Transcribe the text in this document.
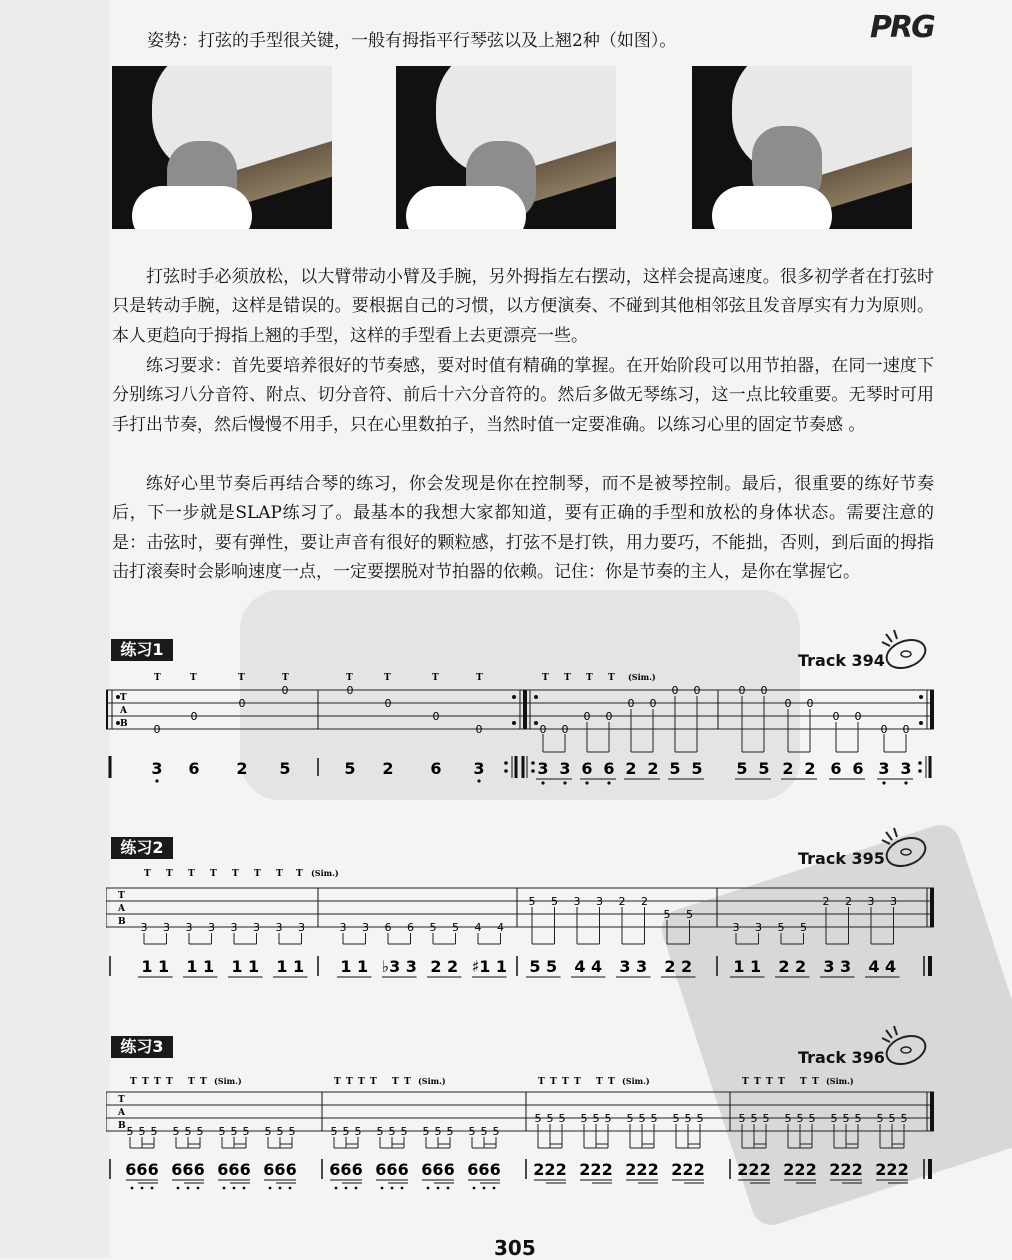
PRG
姿势：打弦的手型很关键，一般有拇指平行琴弦以及上翘2种（如图）。
打弦时手必须放松，以大臂带动小臂及手腕，另外拇指左右摆动，这样会提高速度。很多初学者在打弦时只是转动手腕，这样是错误的。要根据自己的习惯，以方便演奏、不碰到其他相邻弦且发音厚实有力为原则。本人更趋向于拇指上翘的手型，这样的手型看上去更漂亮一些。
练习要求：首先要培养很好的节奏感，要对时值有精确的掌握。在开始阶段可以用节拍器，在同一速度下分别练习八分音符、附点、切分音符、前后十六分音符的。然后多做无琴练习，这一点比较重要。无琴时可用手打出节奏，然后慢慢不用手，只在心里数拍子，当然时值一定要准确。以练习心里的固定节奏感 。
练好心里节奏后再结合琴的练习，你会发现是你在控制琴，而不是被琴控制。最后，很重要的练好节奏后，下一步就是SLAP练习了。最基本的我想大家都知道，要有正确的手型和放松的身体状态。需要注意的是：击弦时，要有弹性，要让声音有很好的颗粒感，打弦不是打铁，用力要巧，不能拙，否则，到后面的拇指击打滚奏时会影响速度一点，一定要摆脱对节拍器的依赖。记住：你是节奏的主人，是你在掌握它。
练习1
Track 394
T	T	T	T	T	T	T	T	T T T T (Sim.)
T
A
B 0
0
0
0	0
0
0
0	0 0
0 0
0 0
0 0	0 0
0 0
0 0
0 0
3 6 2 5	5 2 6 3	3 3 6 6 2 2 5 5 5 5 2 2 6 6 3 3
练习2
Track 395
T T T T T T T T (Sim.)
T
A
B 3 3 3 3 3 3 3 3	3 3 6 6 5 5 4 4
5 5 3 3 2 2
5 5
3 3 5 5
2 2 3 3
1 1 1 1 1 1 1 1 1 1 ♭3 3 2 2 ♯1 1 5 5 4 4 3 3 2 2	1 1 2 2 3 3 4 4
练习3
Track 396
T T T T T T (Sim.)	T T T T T T (Sim.)	T T T T T T (Sim.)	T T T T T T (Sim.)
T
A
B 5 5 5 5 5 5 5 5 5 5 5 5	5 5 5 5 5 5 5 5 5 5 5 5
5 5 5 5 5 5 5 5 5 5 5 5	5 5 5 5 5 5 5 5 5 5 5 5
666 666 666 666 666 666 666 666 222 222 222 222 222 222 222 222
305
